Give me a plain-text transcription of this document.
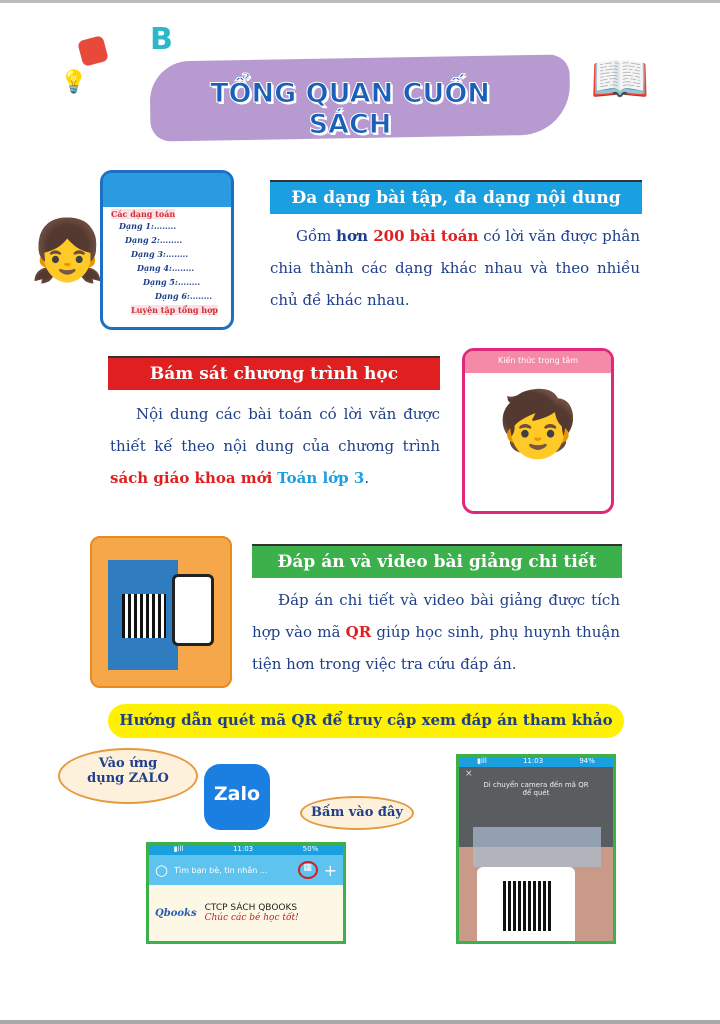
TỔNG QUAN CUỐN SÁCH
💡
B
📖
Các dạng toán
Dạng 1:........
Dạng 2:........
Dạng 3:........
Dạng 4:........
Dạng 5:........
Dạng 6:........
Luyện tập tổng hợp
👧
Đa dạng bài tập, đa dạng nội dung
Gồm hơn 200 bài toán có lời văn được phân chia thành các dạng khác nhau và theo nhiều chủ đề khác nhau.
Bám sát chương trình học
Nội dung các bài toán có lời văn được thiết kế theo nội dung của chương trình sách giáo khoa mới Toán lớp 3.
Kiến thức trọng tâm
🧒
Đáp án và video bài giảng chi tiết
Đáp án chi tiết và video bài giảng được tích hợp vào mã QR giúp học sinh, phụ huynh thuận tiện hơn trong việc tra cứu đáp án.
Hướng dẫn quét mã QR để truy cập xem đáp án tham khảo
Vào ứng dụng ZALO
Zalo
Bấm vào đây
▮ill	11:03	50%
○ Tìm bạn bè, tin nhắn ...	▦ +
Qbooks CTCP SÁCH QBOOKS
Chúc các bé học tốt!
▮ill	11:03	94%
×
Di chuyển camera đến mã QR để quét
